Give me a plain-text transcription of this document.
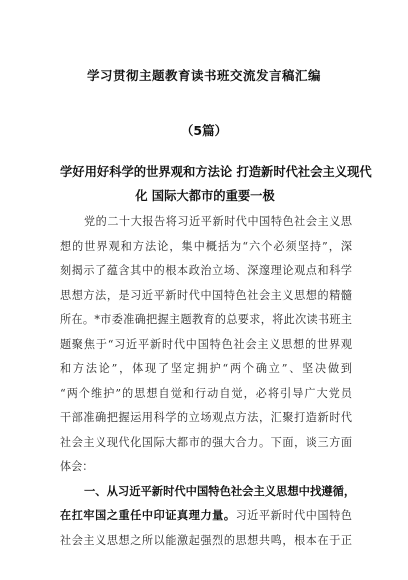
学习贯彻主题教育读书班交流发言稿汇编
（5篇）
学好用好科学的世界观和方法论 打造新时代社会主义现代
化 国际大都市的重要一极
党的二十大报告将习近平新时代中国特色社会主义思
想的世界观和方法论，集中概括为“六个必须坚持”，深
刻揭示了蕴含其中的根本政治立场、深邃理论观点和科学
思想方法，是习近平新时代中国特色社会主义思想的精髓
所在。*市委准确把握主题教育的总要求，将此次读书班主
题聚焦于“习近平新时代中国特色社会主义思想的世界观
和方法论”，体现了坚定拥护“两个确立”、坚决做到
“两个维护”的思想自觉和行动自觉，必将引导广大党员
干部准确把握运用科学的立场观点方法，汇聚打造新时代
社会主义现代化国际大都市的强大合力。下面，谈三方面
体会：
一、从习近平新时代中国特色社会主义思想中找遵循，
在扛牢国之重任中印证真理力量。习近平新时代中国特色
社会主义思想之所以能激起强烈的思想共鸣，根本在于正
